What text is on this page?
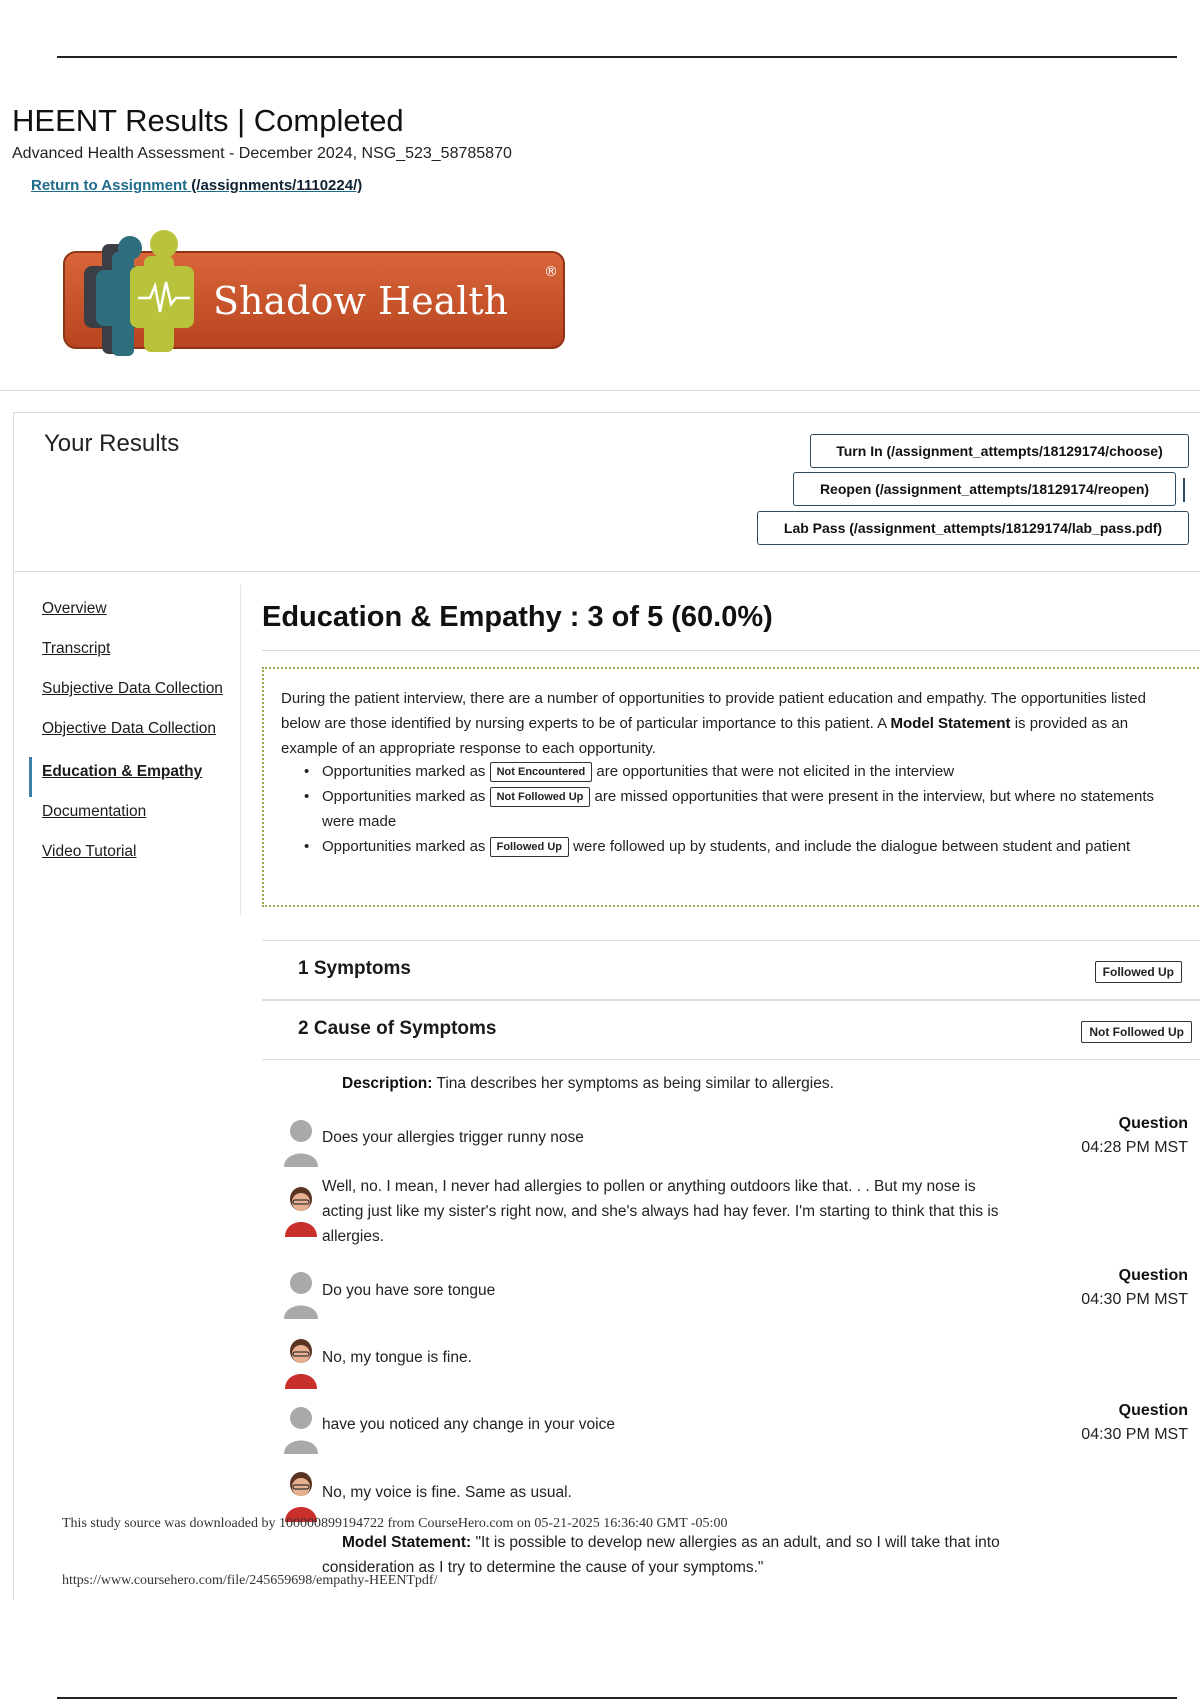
HEENT Results | Completed
Advanced Health Assessment - December 2024, NSG_523_58785870
Return to Assignment (/assignments/1110224/)
Shadow Health
®
Your Results	Turn In (/assignment_attempts/18129174/choose)
Reopen (/assignment_attempts/18129174/reopen)
Lab Pass (/assignment_attempts/18129174/lab_pass.pdf)
Overview
Transcript
Subjective Data Collection
Objective Data Collection
Education & Empathy
Documentation
Video Tutorial
Education & Empathy : 3 of 5 (60.0%)
During the patient interview, there are a number of opportunities to provide patient education and empathy. The opportunities listed below are those identified by nursing experts to be of particular importance to this patient. A Model Statement is provided as an example of an appropriate response to each opportunity.
• Opportunities marked as Not Encountered are opportunities that were not elicited in the interview
• Opportunities marked as Not Followed Up are missed opportunities that were present in the interview, but where no statements were made
• Opportunities marked as Followed Up were followed up by students, and include the dialogue between student and patient
1 Symptoms	Followed Up
2 Cause of Symptoms	Not Followed Up
Description: Tina describes her symptoms as being similar to allergies.
Does your allergies trigger runny nose
Question
04:28 PM MST
Well, no. I mean, I never had allergies to pollen or anything outdoors like that. . . But my nose is acting just like my sister's right now, and she's always had hay fever. I'm starting to think that this is allergies.
Do you have sore tongue
Question
04:30 PM MST
No, my tongue is fine.
have you noticed any change in your voice
Question
04:30 PM MST
No, my voice is fine. Same as usual.
Model Statement: "It is possible to develop new allergies as an adult, and so I will take that into consideration as I try to determine the cause of your symptoms."
This study source was downloaded by 100000899194722 from CourseHero.com on 05-21-2025 16:36:40 GMT -05:00
https://www.coursehero.com/file/245659698/empathy-HEENTpdf/
